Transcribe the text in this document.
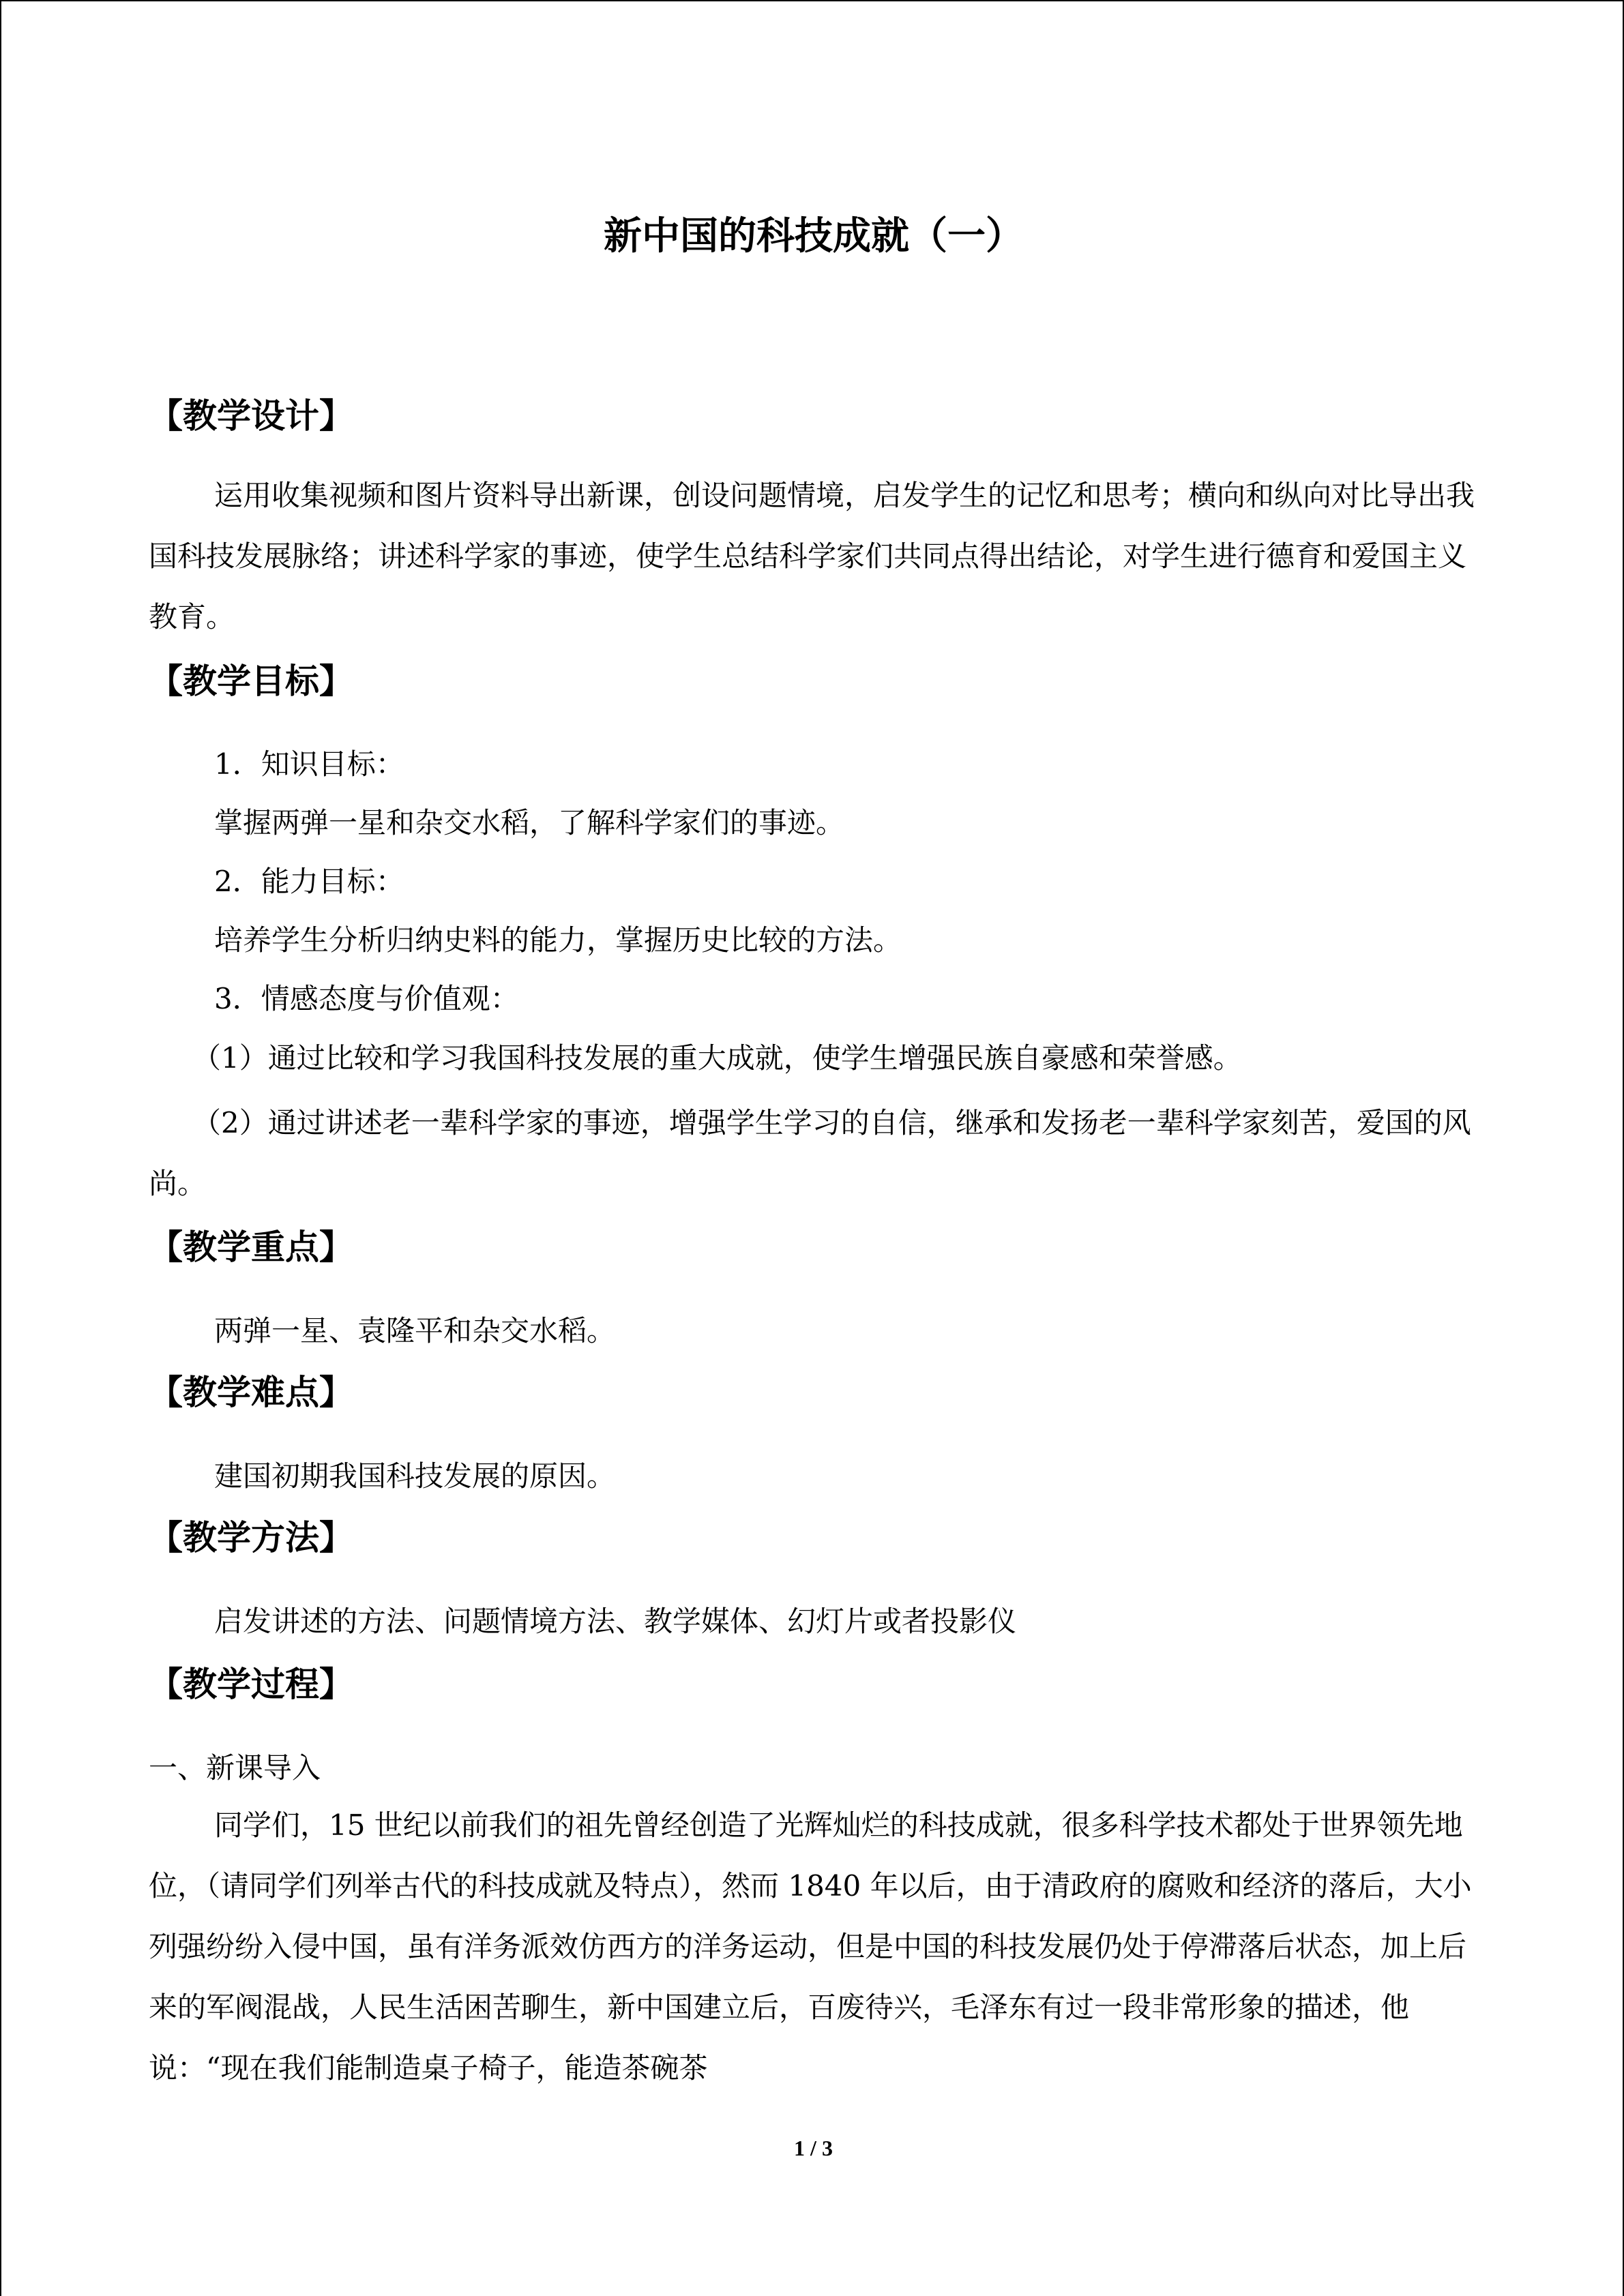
新中国的科技成就（一）
【教学设计】

运用收集视频和图片资料导出新课，创设问题情境，启发学生的记忆和思考；横向和纵向对比导出我国科技发展脉络；讲述科学家的事迹，使学生总结科学家们共同点得出结论，对学生进行德育和爱国主义教育。

【教学目标】
1．知识目标：
掌握两弹一星和杂交水稻，了解科学家们的事迹。
2．能力目标：
培养学生分析归纳史料的能力，掌握历史比较的方法。
3．情感态度与价值观：
（1）通过比较和学习我国科技发展的重大成就，使学生增强民族自豪感和荣誉感。

（2）通过讲述老一辈科学家的事迹，增强学生学习的自信，继承和发扬老一辈科学家刻苦，爱国的风尚。

【教学重点】
两弹一星、袁隆平和杂交水稻。
【教学难点】
建国初期我国科技发展的原因。
【教学方法】
启发讲述的方法、问题情境方法、教学媒体、幻灯片或者投影仪
【教学过程】
一、新课导入

同学们，15 世纪以前我们的祖先曾经创造了光辉灿烂的科技成就，很多科学技术都处于世界领先地位，（请同学们列举古代的科技成就及特点），然而 1840 年以后，由于清政府的腐败和经济的落后，大小列强纷纷入侵中国，虽有洋务派效仿西方的洋务运动，但是中国的科技发展仍处于停滞落后状态，加上后来的军阀混战，人民生活困苦聊生，新中国建立后，百废待兴，毛泽东有过一段非常形象的描述，他说：“现在我们能制造桌子椅子，能造茶碗茶

1 / 3
